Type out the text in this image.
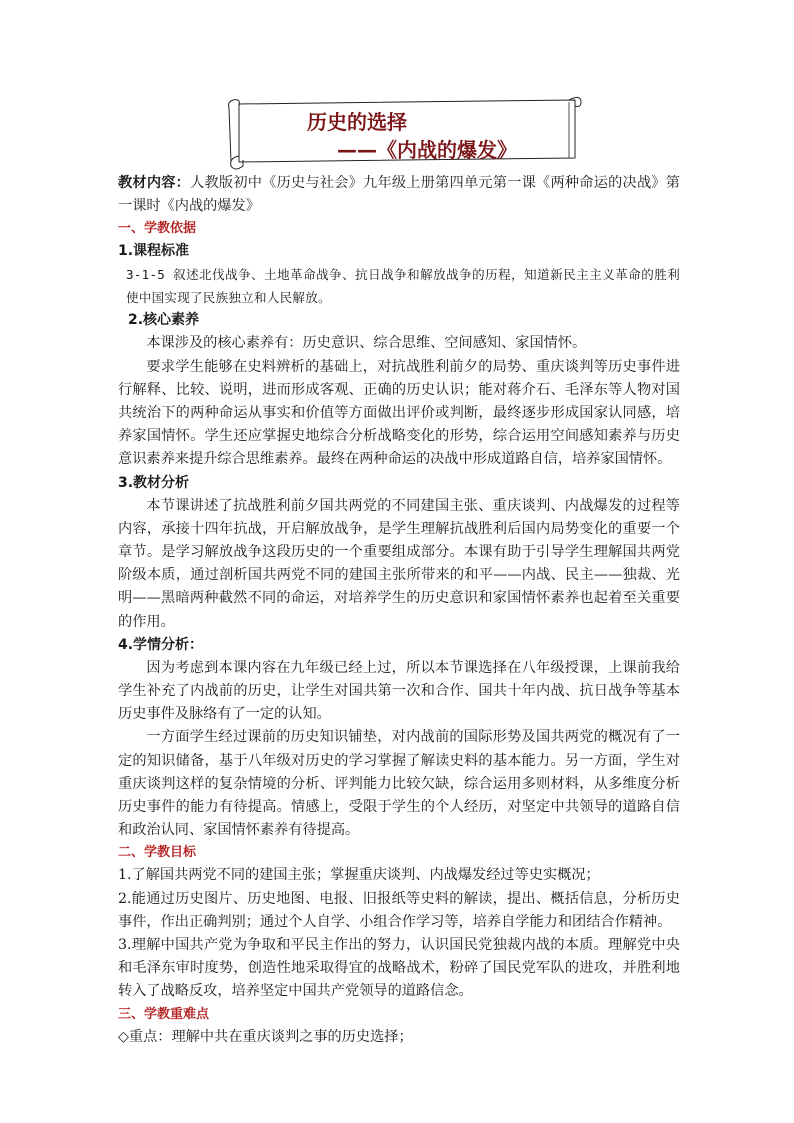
历史的选择
——《内战的爆发》

教材内容：人教版初中《历史与社会》九年级上册第四单元第一课《两种命运的决战》第一课时《内战的爆发》

一、学教依据

1.课程标准

3-1-5 叙述北伐战争、土地革命战争、抗日战争和解放战争的历程，知道新民主主义革命的胜利使中国实现了民族独立和人民解放。

2.核心素养

本课涉及的核心素养有：历史意识、综合思维、空间感知、家国情怀。

要求学生能够在史料辨析的基础上，对抗战胜利前夕的局势、重庆谈判等历史事件进行解释、比较、说明，进而形成客观、正确的历史认识；能对蒋介石、毛泽东等人物对国共统治下的两种命运从事实和价值等方面做出评价或判断，最终逐步形成国家认同感，培养家国情怀。学生还应掌握史地综合分析战略变化的形势，综合运用空间感知素养与历史意识素养来提升综合思维素养。最终在两种命运的决战中形成道路自信，培养家国情怀。

3.教材分析

本节课讲述了抗战胜利前夕国共两党的不同建国主张、重庆谈判、内战爆发的过程等内容，承接十四年抗战，开启解放战争，是学生理解抗战胜利后国内局势变化的重要一个章节。是学习解放战争这段历史的一个重要组成部分。本课有助于引导学生理解国共两党阶级本质，通过剖析国共两党不同的建国主张所带来的和平——内战、民主——独裁、光明——黑暗两种截然不同的命运，对培养学生的历史意识和家国情怀素养也起着至关重要的作用。

4.学情分析：

因为考虑到本课内容在九年级已经上过，所以本节课选择在八年级授课，上课前我给学生补充了内战前的历史，让学生对国共第一次和合作、国共十年内战、抗日战争等基本历史事件及脉络有了一定的认知。

一方面学生经过课前的历史知识铺垫，对内战前的国际形势及国共两党的概况有了一定的知识储备，基于八年级对历史的学习掌握了解读史料的基本能力。另一方面，学生对重庆谈判这样的复杂情境的分析、评判能力比较欠缺，综合运用多则材料，从多维度分析历史事件的能力有待提高。情感上，受限于学生的个人经历，对坚定中共领导的道路自信和政治认同、家国情怀素养有待提高。

二、学教目标

1.了解国共两党不同的建国主张；掌握重庆谈判、内战爆发经过等史实概况；

2.能通过历史图片、历史地图、电报、旧报纸等史料的解读，提出、概括信息，分析历史事件，作出正确判别；通过个人自学、小组合作学习等，培养自学能力和团结合作精神。

3.理解中国共产党为争取和平民主作出的努力，认识国民党独裁内战的本质。理解党中央和毛泽东审时度势，创造性地采取得宜的战略战术，粉碎了国民党军队的进攻，并胜利地转入了战略反攻，培养坚定中国共产党领导的道路信念。

三、学教重难点

◇重点：理解中共在重庆谈判之事的历史选择；
